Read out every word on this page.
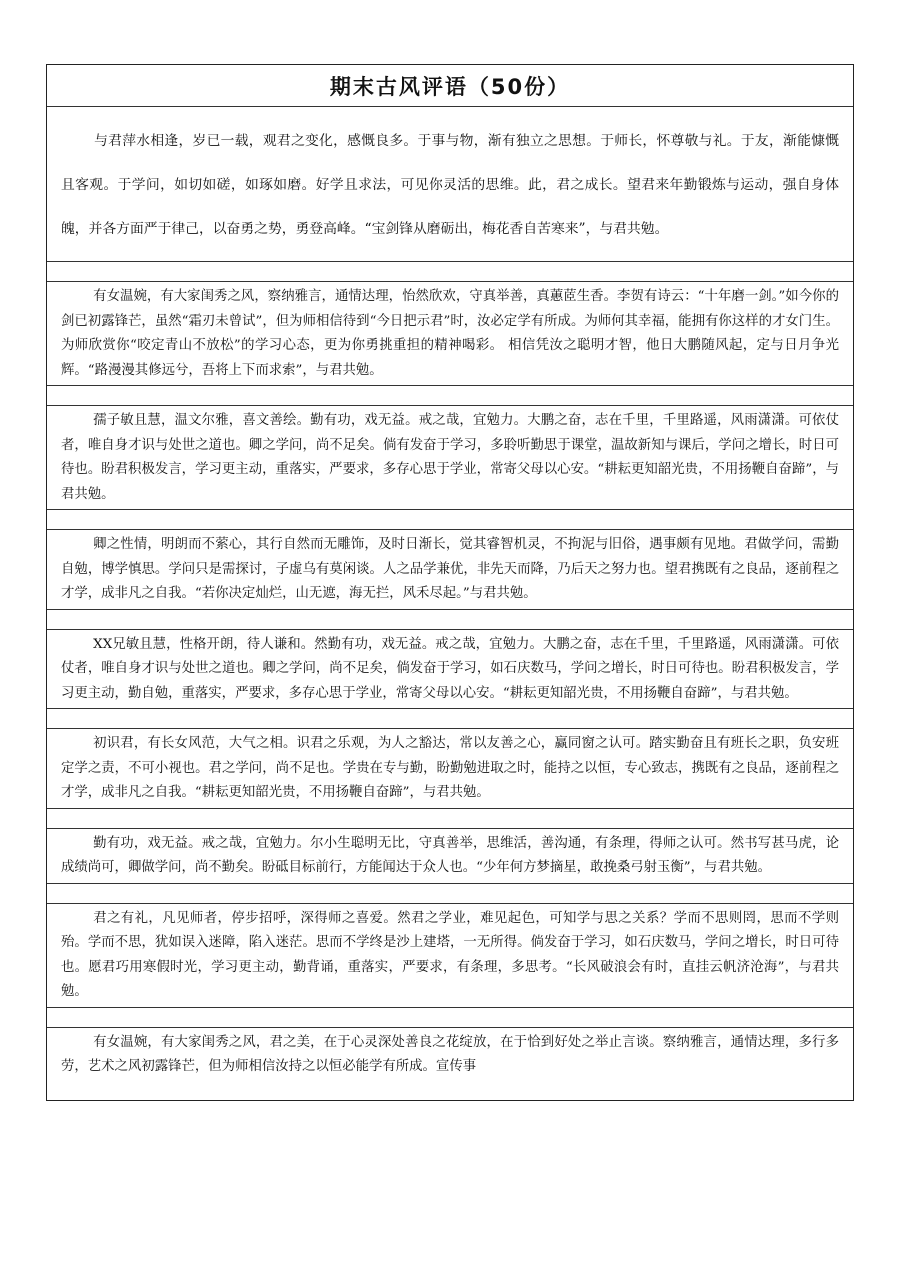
期末古风评语（50份）
与君萍水相逢，岁已一载，观君之变化，感慨良多。于事与物，渐有独立之思想。于师长，怀尊敬与礼。于友，渐能慷慨且客观。于学问，如切如磋，如琢如磨。好学且求法，可见你灵活的思维。此，君之成长。望君来年勤锻炼与运动，强自身体魄，并各方面严于律己，以奋勇之势，勇登高峰。“宝剑锋从磨砺出，梅花香自苦寒来”，与君共勉。
有女温婉，有大家闺秀之风，察纳雅言，通情达理，怡然欣欢，守真举善，真蕙茝生香。李贺有诗云：“十年磨一剑。”如今你的剑已初露锋芒，虽然“霜刃未曾试”，但为师相信待到“今日把示君”时，汝必定学有所成。为师何其幸福，能拥有你这样的才女门生。为师欣赏你“咬定青山不放松”的学习心态，更为你勇挑重担的精神喝彩。 相信凭汝之聪明才智，他日大鹏随风起，定与日月争光辉。“路漫漫其修远兮，吾将上下而求索”，与君共勉。
孺子敏且慧，温文尔雅，喜文善绘。勤有功，戏无益。戒之哉，宜勉力。大鹏之奋，志在千里，千里路遥，风雨潇潇。可依仗者，唯自身才识与处世之道也。卿之学问，尚不足矣。倘有发奋于学习，多聆听勤思于课堂，温故新知与课后，学问之增长，时日可待也。盼君积极发言，学习更主动，重落实，严要求，多存心思于学业，常寄父母以心安。“耕耘更知韶光贵，不用扬鞭自奋蹄”，与君共勉。
卿之性情，明朗而不萦心，其行自然而无雕饰，及时日渐长，觉其睿智机灵，不拘泥与旧俗，遇事颇有见地。君做学问，需勤自勉，博学慎思。学问只是需探讨，子虚乌有莫闲谈。人之品学兼优，非先天而降，乃后天之努力也。望君携既有之良品，逐前程之才学，成非凡之自我。“若你决定灿烂，山无遮，海无拦，风禾尽起。”与君共勉。
XX兄敏且慧，性格开朗，待人谦和。然勤有功，戏无益。戒之哉，宜勉力。大鹏之奋，志在千里，千里路遥，风雨潇潇。可依仗者，唯自身才识与处世之道也。卿之学问，尚不足矣，倘发奋于学习，如石庆数马，学问之增长，时日可待也。盼君积极发言，学习更主动，勤自勉，重落实，严要求，多存心思于学业，常寄父母以心安。“耕耘更知韶光贵，不用扬鞭自奋蹄”，与君共勉。
初识君，有长女风范，大气之相。识君之乐观，为人之豁达，常以友善之心，赢同窗之认可。踏实勤奋且有班长之职，负安班定学之责，不可小视也。君之学问，尚不足也。学贵在专与勤，盼勤勉进取之时，能持之以恒，专心致志，携既有之良品，逐前程之才学，成非凡之自我。“耕耘更知韶光贵，不用扬鞭自奋蹄”，与君共勉。
勤有功，戏无益。戒之哉，宜勉力。尔小生聪明无比，守真善举，思维活，善沟通，有条理，得师之认可。然书写甚马虎，论成绩尚可，卿做学问，尚不勤矣。盼砥目标前行，方能闻达于众人也。“少年何方梦摘星，敢挽桑弓射玉衡”，与君共勉。
君之有礼，凡见师者，停步招呼，深得师之喜爱。然君之学业，难见起色，可知学与思之关系？学而不思则罔，思而不学则殆。学而不思，犹如误入迷障，陷入迷茫。思而不学终是沙上建塔，一无所得。倘发奋于学习，如石庆数马，学问之增长，时日可待也。愿君巧用寒假时光，学习更主动，勤背诵，重落实，严要求，有条理，多思考。“长风破浪会有时，直挂云帆济沧海”，与君共勉。
有女温婉，有大家闺秀之风，君之美，在于心灵深处善良之花绽放，在于恰到好处之举止言谈。察纳雅言，通情达理，多行多劳，艺术之风初露锋芒，但为师相信汝持之以恒必能学有所成。宣传事
